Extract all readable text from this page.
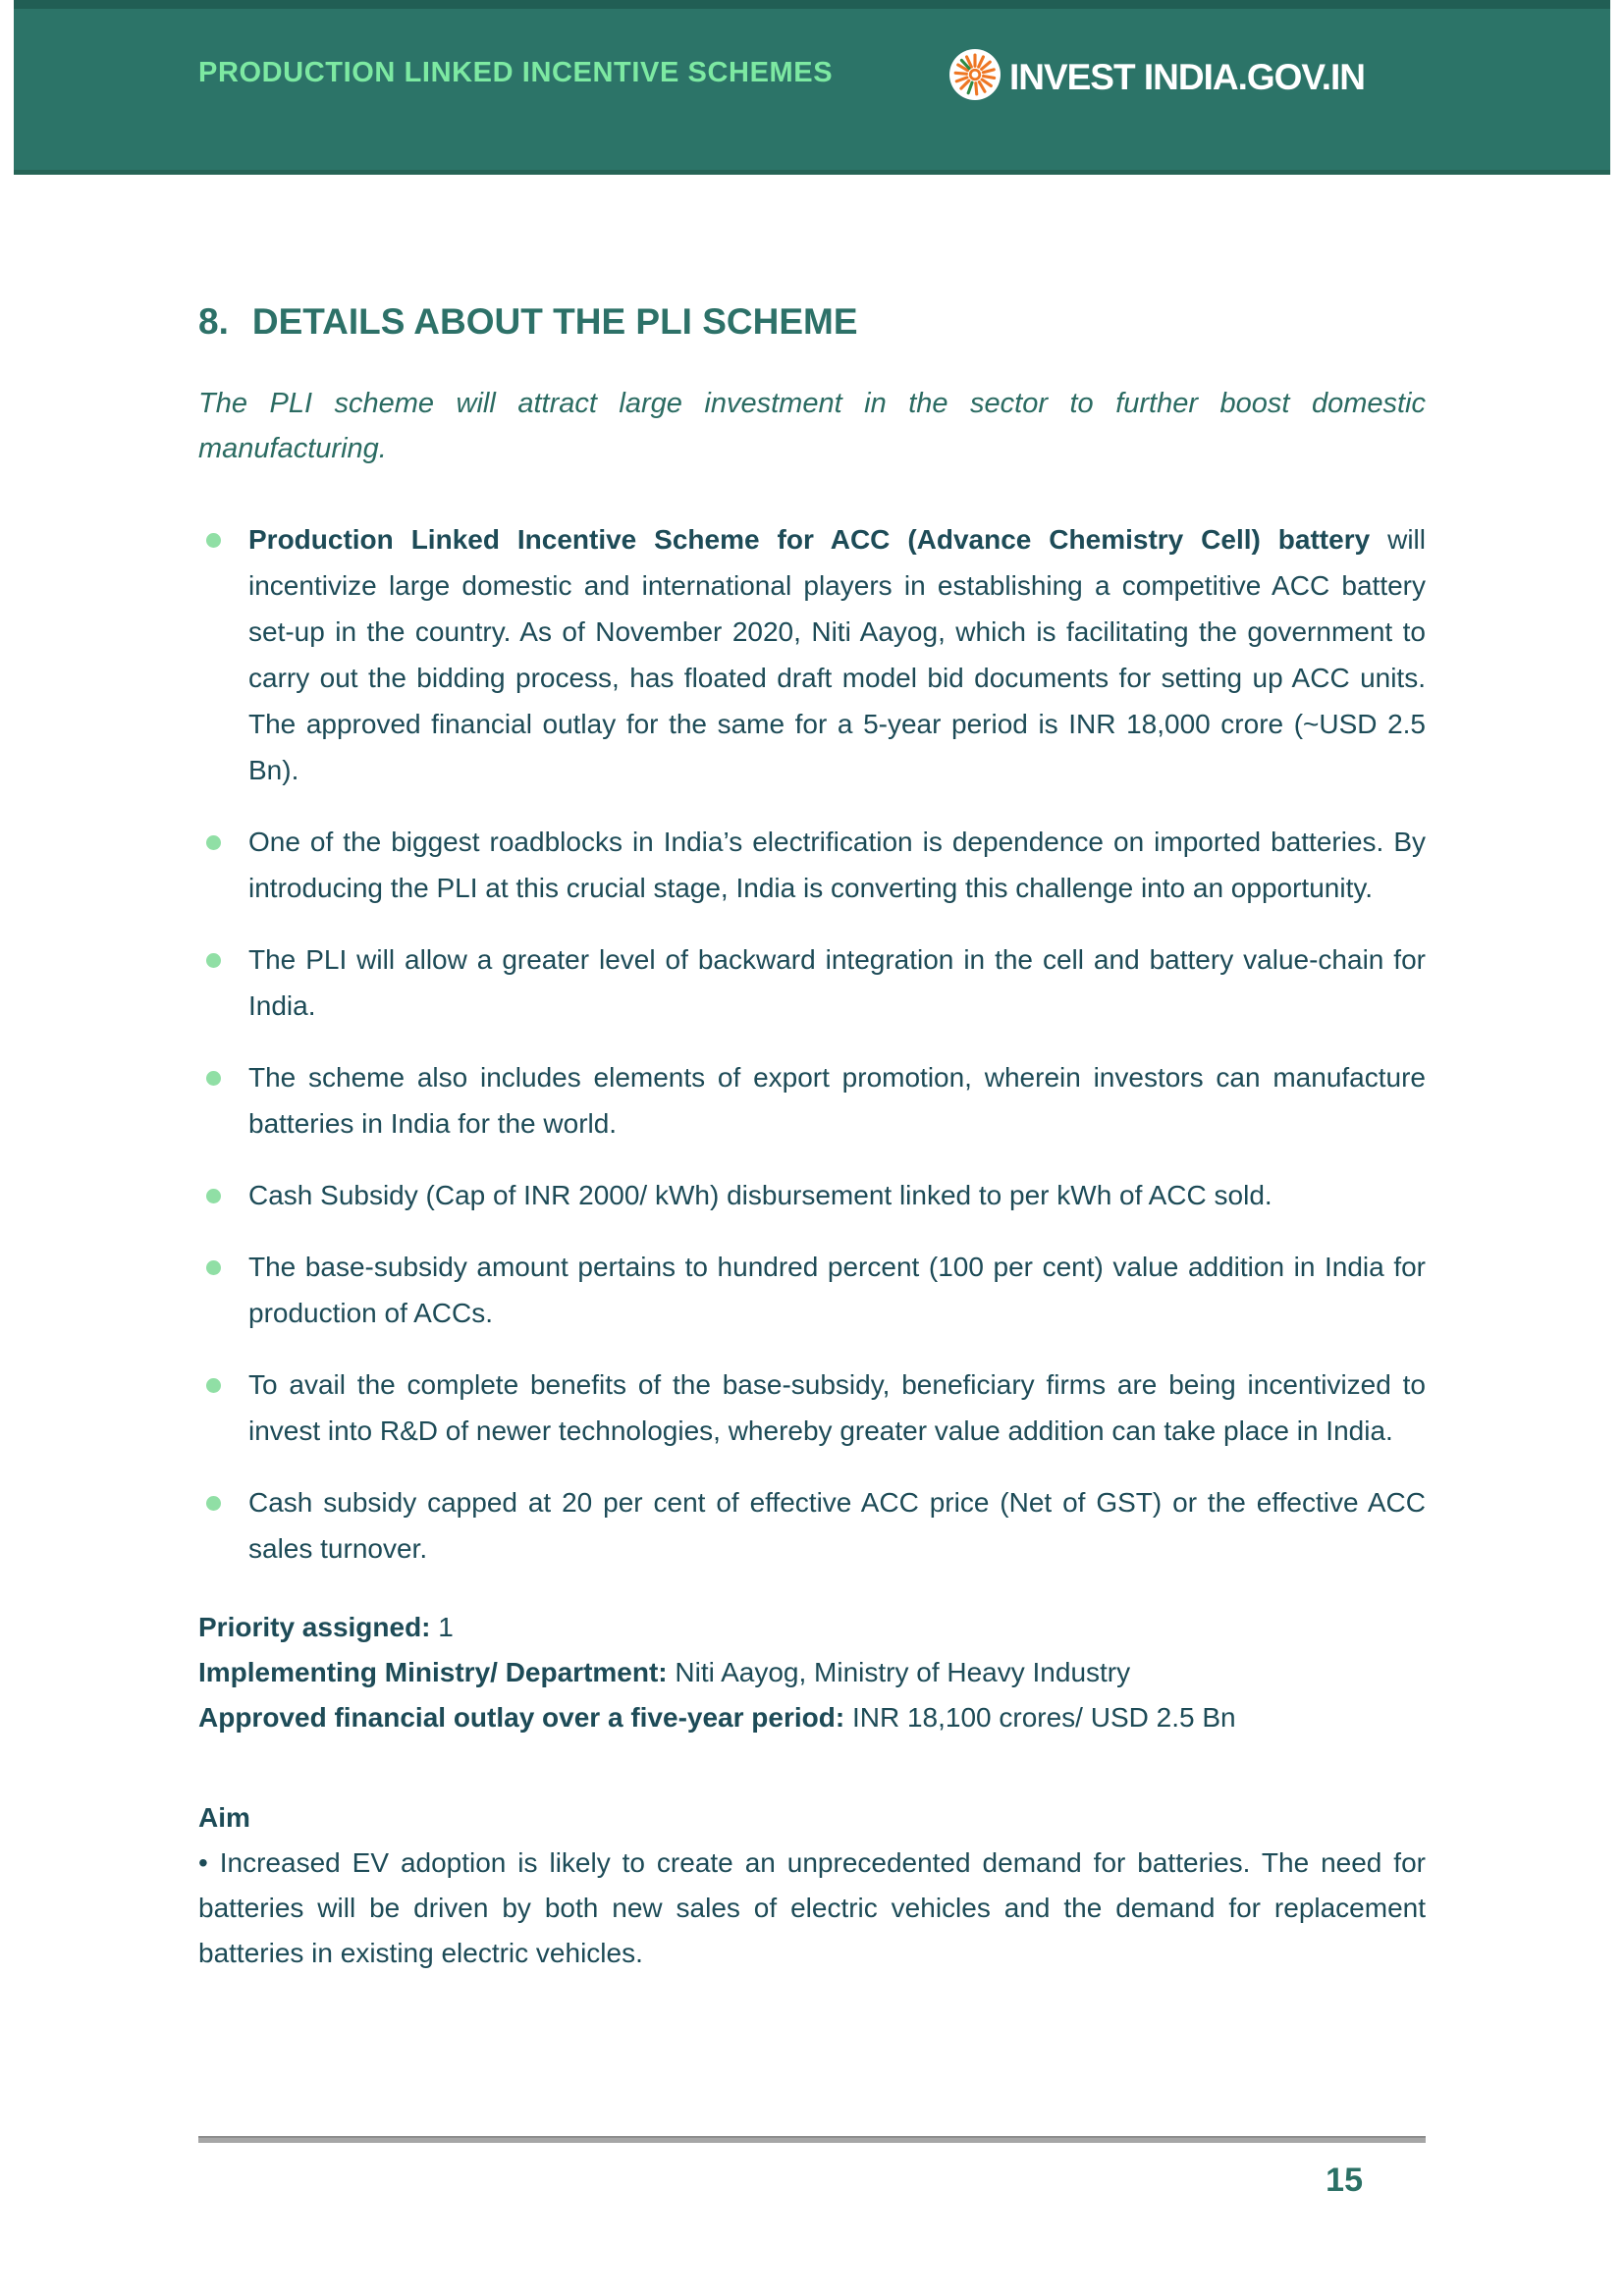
PRODUCTION LINKED INCENTIVE SCHEMES	INVEST INDIA.GOV.IN
8. DETAILS ABOUT THE PLI SCHEME

The PLI scheme will attract large investment in the sector to further boost domestic manufacturing.

Production Linked Incentive Scheme for ACC (Advance Chemistry Cell) battery will incentivize large domestic and international players in establishing a competitive ACC battery set-up in the country. As of November 2020, Niti Aayog, which is facilitating the government to carry out the bidding process, has floated draft model bid documents for setting up ACC units. The approved financial outlay for the same for a 5-year period is INR 18,000 crore (~USD 2.5 Bn).
One of the biggest roadblocks in India’s electrification is dependence on imported batteries. By introducing the PLI at this crucial stage, India is converting this challenge into an opportunity.
The PLI will allow a greater level of backward integration in the cell and battery value-chain for India.
The scheme also includes elements of export promotion, wherein investors can manufacture batteries in India for the world.
Cash Subsidy (Cap of INR 2000/ kWh) disbursement linked to per kWh of ACC sold.
The base-subsidy amount pertains to hundred percent (100 per cent) value addition in India for production of ACCs.
To avail the complete benefits of the base-subsidy, beneficiary firms are being incentivized to invest into R&D of newer technologies, whereby greater value addition can take place in India.
Cash subsidy capped at 20 per cent of effective ACC price (Net of GST) or the effective ACC sales turnover.
Priority assigned: 1
Implementing Ministry/ Department: Niti Aayog, Ministry of Heavy Industry
Approved financial outlay over a five-year period: INR 18,100 crores/ USD 2.5 Bn
Aim
• Increased EV adoption is likely to create an unprecedented demand for batteries. The need for batteries will be driven by both new sales of electric vehicles and the demand for replacement batteries in existing electric vehicles.
15
